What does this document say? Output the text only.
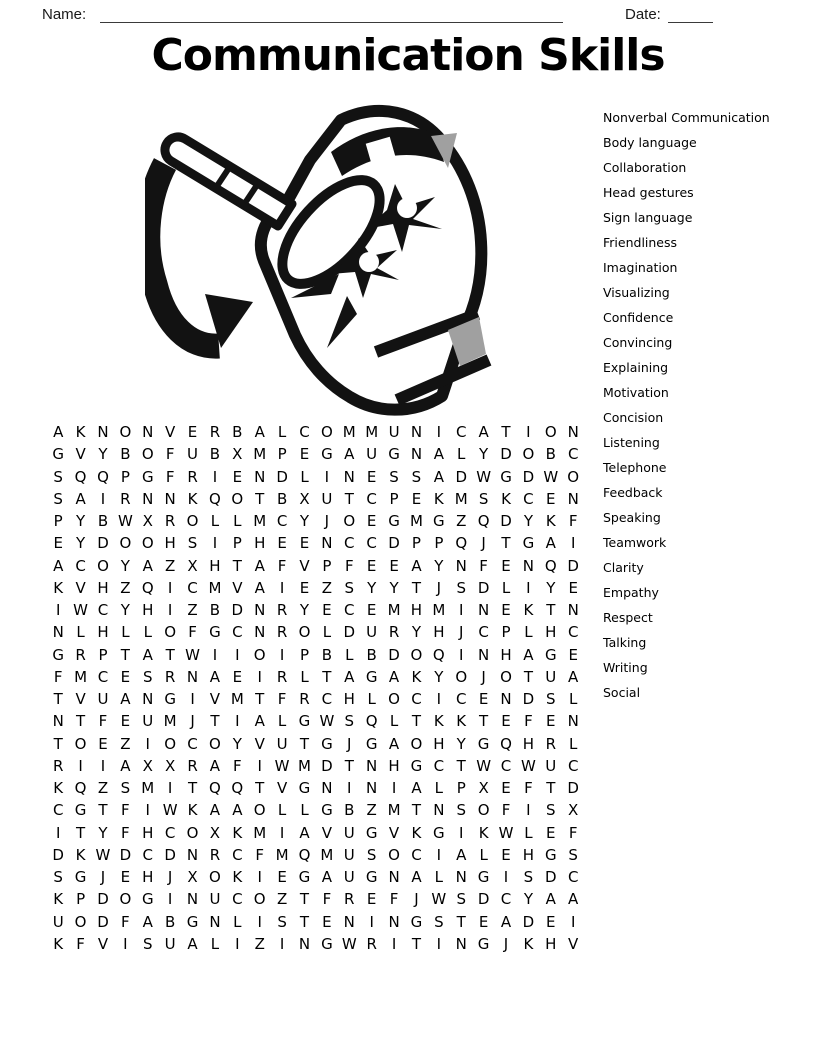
Name:	Date:
Communication Skills
Nonverbal Communication
Body language
Collaboration
Head gestures
Sign language
Friendliness
Imagination
Visualizing
Confidence
Convincing
Explaining
Motivation
Concision
Listening
Telephone
Feedback
Speaking
Teamwork
Clarity
Empathy
Respect
Talking
Writing
Social
A K N O N V E R B A L C O M M U N I C A T	I O N
G V Y B O F U B X M P E G A U G N A L Y D O B C
S Q Q P G F R I	E N D L	I N E S S A D W G D W O
S A	I R N N K Q O T B X U T C P E K M S K C E N
P Y B W X R O L L M C Y	J O E G M G Z Q D Y K F
E Y D O O H S	I	P H E E N C C D P P Q J	T G A	I
A C O Y A Z X H T A F V P F E E A Y N F E N Q D
K V H Z Q I C M V A	I	E Z S Y Y T	J	S D L	I	Y E
I W C Y H I	Z B D N R Y E C E M H M I N E K T N
N L H L L O F G C N R O L D U R Y H J C P L H C
G R P T A T W I	I O I	P B L B D O Q I N H A G E
F M C E S R N A E	I R L T A G A K Y O J O T U A
T V U A N G I	V M T F R C H L O C I C E N D S L
N T F E U M J	T	I	A L G W S Q L T K K T E F E N
T O E Z	I O C O Y V U T G J G A O H Y G Q H R L
R I	I	A X X R A F	I W M D T N H G C T W C W U C
K Q Z S M I	T Q Q T V G N I N I	A L P X E F T D
C G T F	I W K A A O L L G B Z M T N S O F	I	S X
I	T Y F H C O X K M I	A V U G V K G I	K W L E F
D K W D C D N R C F M Q M U S O C I	A L E H G S
S G J	E H J	X O K	I	E G A U G N A L N G I	S D C
K P D O G I N U C O Z T F R E F	J W S D C Y A A
U O D F A B G N L	I	S T E N I N G S T E A D E	I
K F V	I	S U A L	I	Z	I N G W R I	T	I N G J	K H V
